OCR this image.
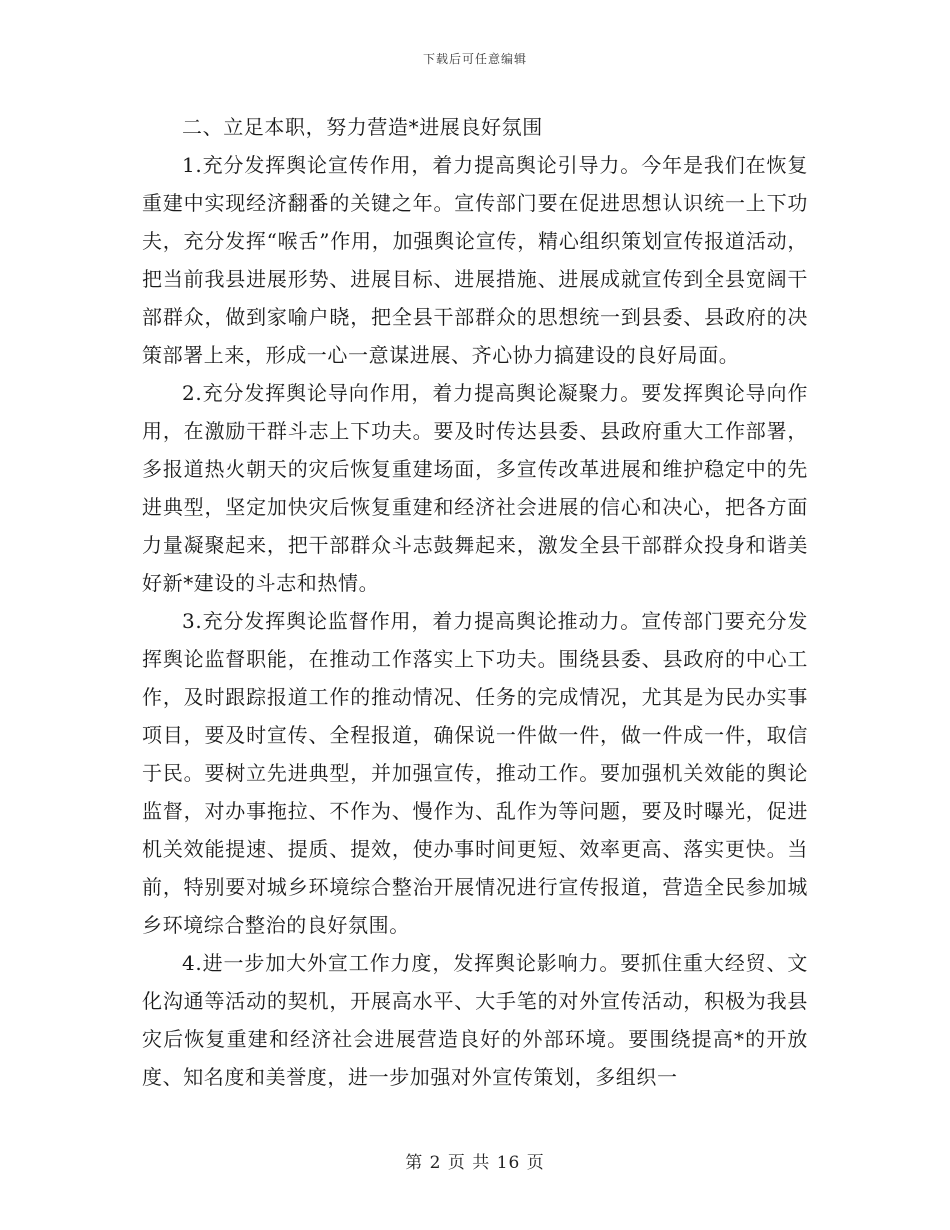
下载后可任意编辑

二、立足本职，努力营造*进展良好氛围

1.充分发挥舆论宣传作用，着力提高舆论引导力。今年是我们在恢复重建中实现经济翻番的关键之年。宣传部门要在促进思想认识统一上下功夫，充分发挥“喉舌”作用，加强舆论宣传，精心组织策划宣传报道活动，把当前我县进展形势、进展目标、进展措施、进展成就宣传到全县宽阔干部群众，做到家喻户晓，把全县干部群众的思想统一到县委、县政府的决策部署上来，形成一心一意谋进展、齐心协力搞建设的良好局面。

2.充分发挥舆论导向作用，着力提高舆论凝聚力。要发挥舆论导向作用，在激励干群斗志上下功夫。要及时传达县委、县政府重大工作部署，多报道热火朝天的灾后恢复重建场面，多宣传改革进展和维护稳定中的先进典型，坚定加快灾后恢复重建和经济社会进展的信心和决心，把各方面力量凝聚起来，把干部群众斗志鼓舞起来，激发全县干部群众投身和谐美好新*建设的斗志和热情。

3.充分发挥舆论监督作用，着力提高舆论推动力。宣传部门要充分发挥舆论监督职能，在推动工作落实上下功夫。围绕县委、县政府的中心工作，及时跟踪报道工作的推动情况、任务的完成情况，尤其是为民办实事项目，要及时宣传、全程报道，确保说一件做一件，做一件成一件，取信于民。要树立先进典型，并加强宣传，推动工作。要加强机关效能的舆论监督，对办事拖拉、不作为、慢作为、乱作为等问题，要及时曝光，促进机关效能提速、提质、提效，使办事时间更短、效率更高、落实更快。当前，特别要对城乡环境综合整治开展情况进行宣传报道，营造全民参加城乡环境综合整治的良好氛围。

4.进一步加大外宣工作力度，发挥舆论影响力。要抓住重大经贸、文化沟通等活动的契机，开展高水平、大手笔的对外宣传活动，积极为我县灾后恢复重建和经济社会进展营造良好的外部环境。要围绕提高*的开放度、知名度和美誉度，进一步加强对外宣传策划，多组织一

第 2 页 共 16 页
